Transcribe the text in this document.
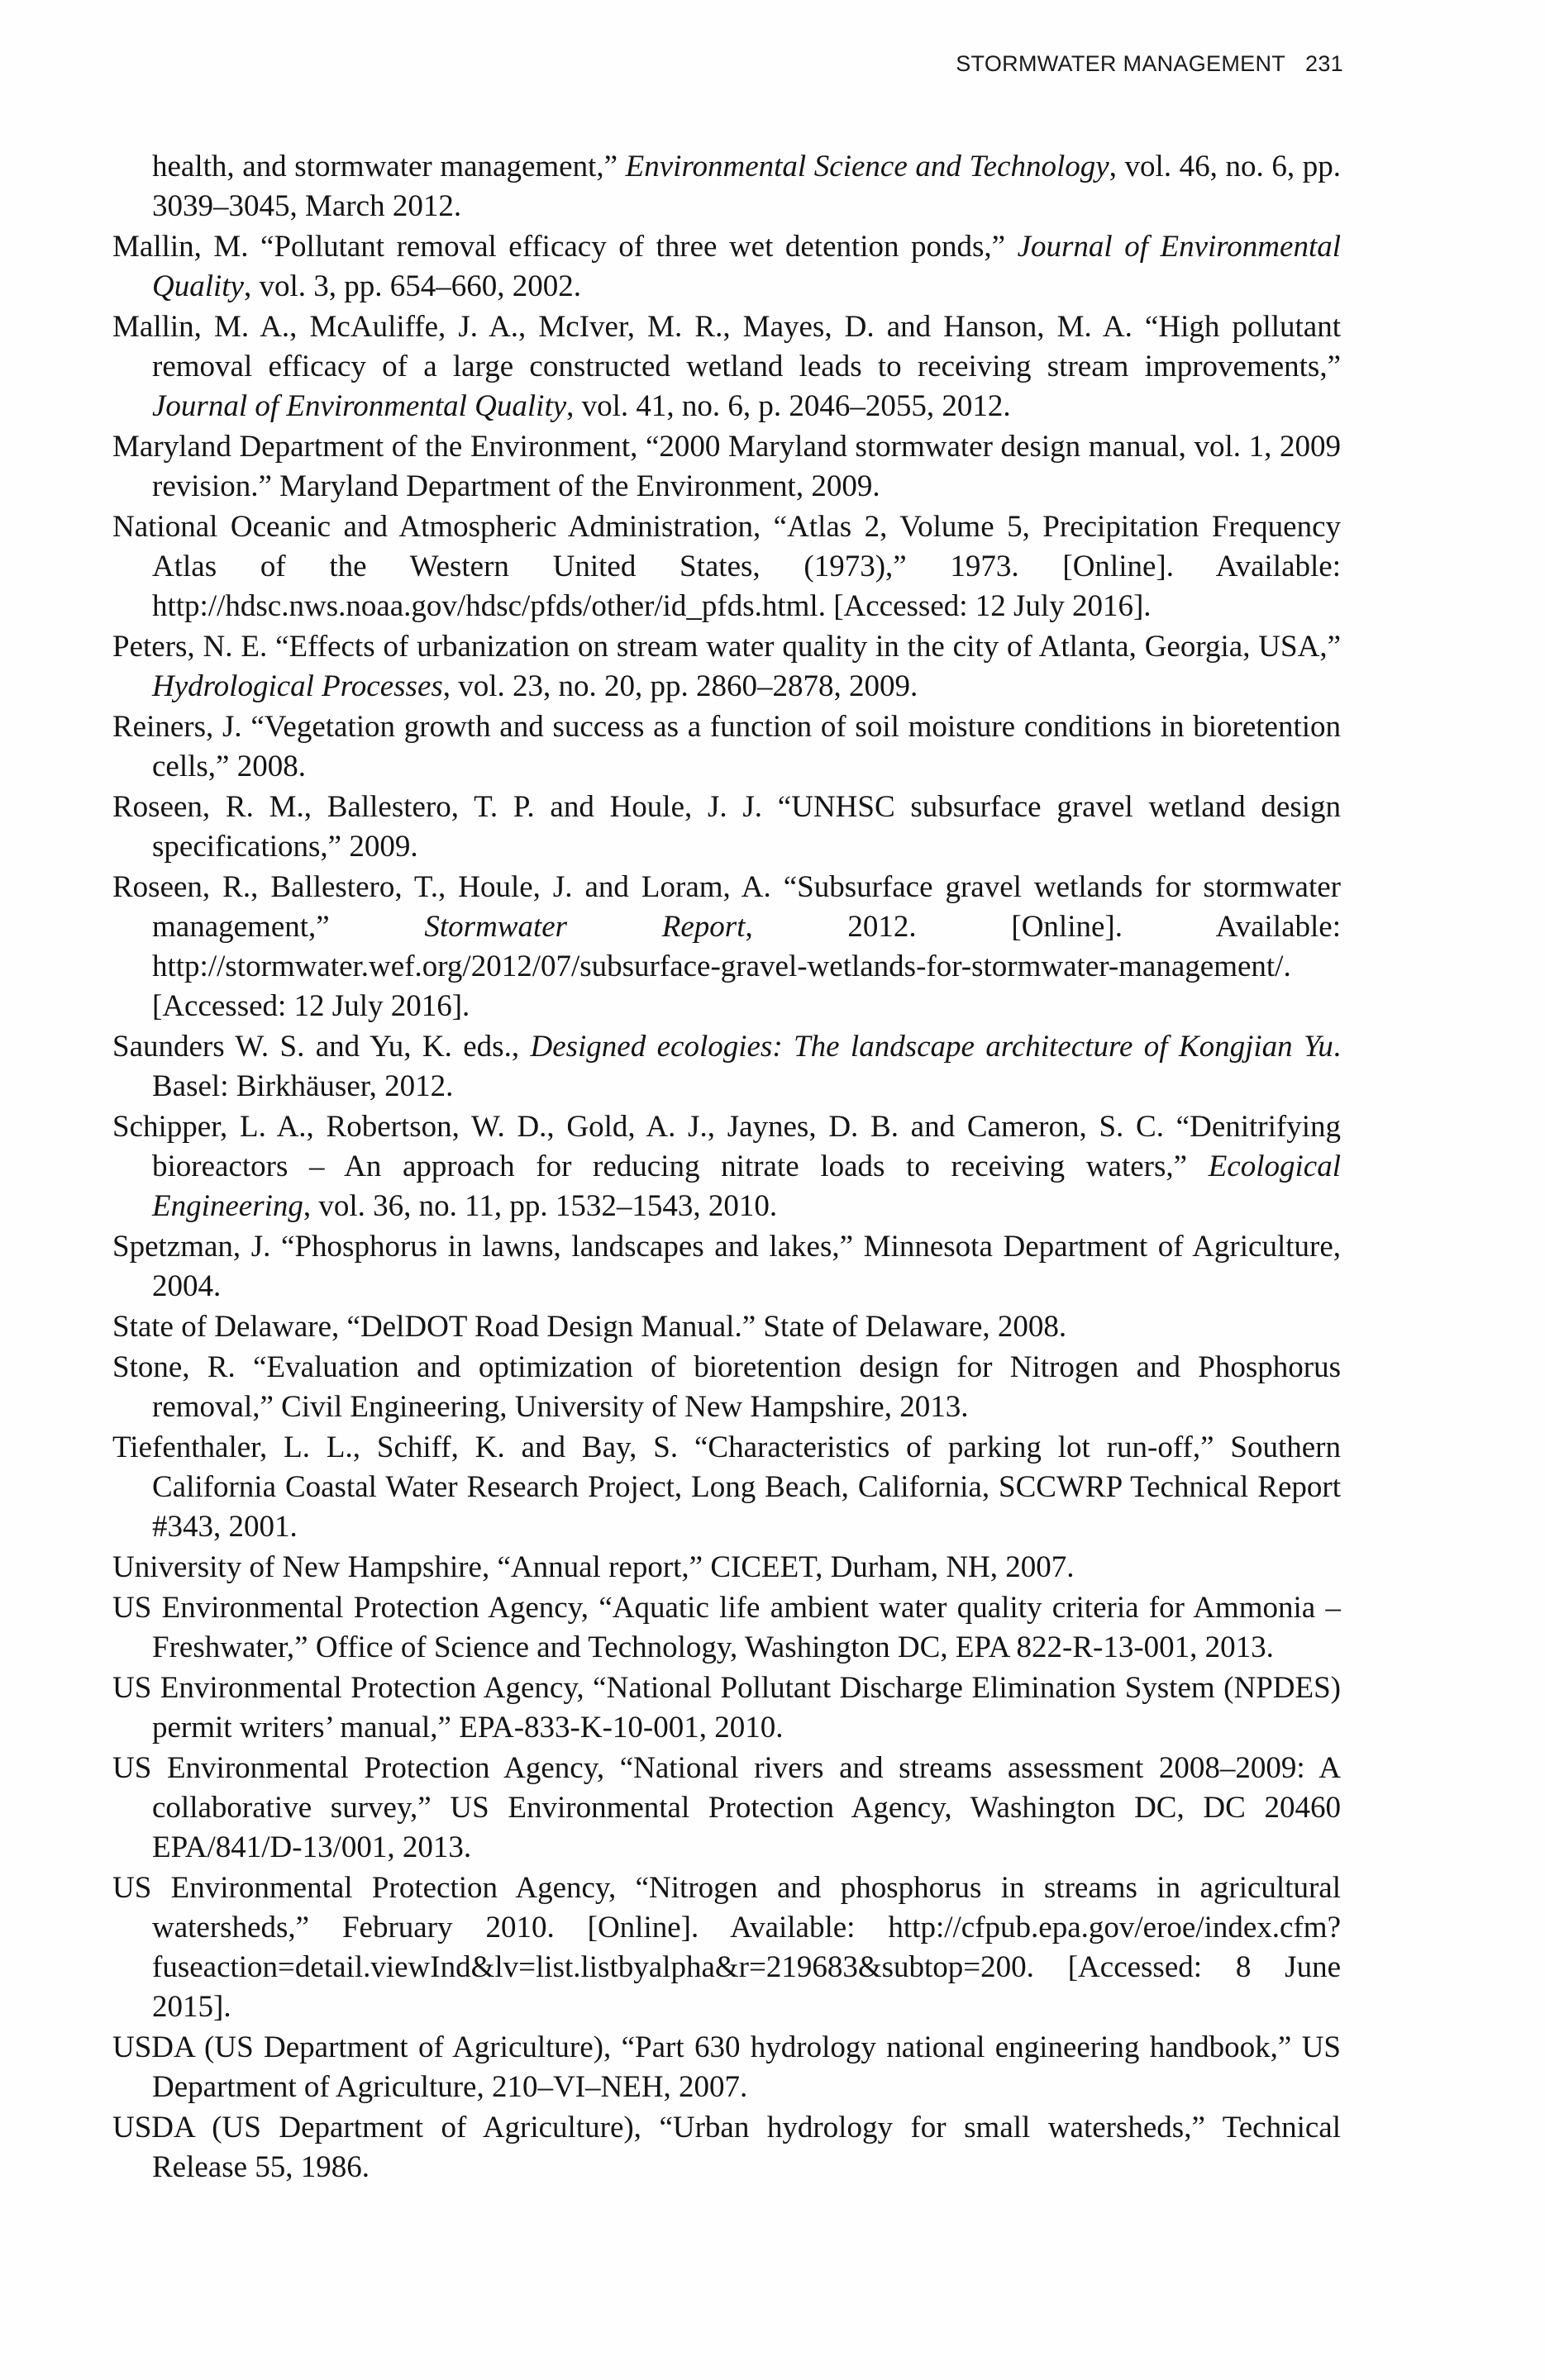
STORMWATER MANAGEMENT 231
health, and stormwater management,” Environmental Science and Technology, vol. 46, no. 6, pp. 3039–3045, March 2012.
Mallin, M. “Pollutant removal efficacy of three wet detention ponds,” Journal of Environmental Quality, vol. 3, pp. 654–660, 2002.
Mallin, M. A., McAuliffe, J. A., McIver, M. R., Mayes, D. and Hanson, M. A. “High pollutant removal efficacy of a large constructed wetland leads to receiving stream improvements,” Journal of Environmental Quality, vol. 41, no. 6, p. 2046–2055, 2012.
Maryland Department of the Environment, “2000 Maryland stormwater design manual, vol. 1, 2009 revision.” Maryland Department of the Environment, 2009.
National Oceanic and Atmospheric Administration, “Atlas 2, Volume 5, Precipitation Frequency Atlas of the Western United States, (1973),” 1973. [Online]. Available: http://hdsc.nws.noaa.gov/hdsc/pfds/other/id_pfds.html. [Accessed: 12 July 2016].
Peters, N. E. “Effects of urbanization on stream water quality in the city of Atlanta, Georgia, USA,” Hydrological Processes, vol. 23, no. 20, pp. 2860–2878, 2009.
Reiners, J. “Vegetation growth and success as a function of soil moisture conditions in bioretention cells,” 2008.
Roseen, R. M., Ballestero, T. P. and Houle, J. J. “UNHSC subsurface gravel wetland design specifications,” 2009.
Roseen, R., Ballestero, T., Houle, J. and Loram, A. “Subsurface gravel wetlands for stormwater management,” Stormwater Report, 2012. [Online]. Available: http://stormwater.wef.org/2012/07/subsurface-gravel-wetlands-for-stormwater-management/. [Accessed: 12 July 2016].
Saunders W. S. and Yu, K. eds., Designed ecologies: The landscape architecture of Kongjian Yu. Basel: Birkhäuser, 2012.
Schipper, L. A., Robertson, W. D., Gold, A. J., Jaynes, D. B. and Cameron, S. C. “Denitrifying bioreactors – An approach for reducing nitrate loads to receiving waters,” Ecological Engineering, vol. 36, no. 11, pp. 1532–1543, 2010.
Spetzman, J. “Phosphorus in lawns, landscapes and lakes,” Minnesota Department of Agriculture, 2004.
State of Delaware, “DelDOT Road Design Manual.” State of Delaware, 2008.
Stone, R. “Evaluation and optimization of bioretention design for Nitrogen and Phosphorus removal,” Civil Engineering, University of New Hampshire, 2013.
Tiefenthaler, L. L., Schiff, K. and Bay, S. “Characteristics of parking lot run-off,” Southern California Coastal Water Research Project, Long Beach, California, SCCWRP Technical Report #343, 2001.
University of New Hampshire, “Annual report,” CICEET, Durham, NH, 2007.
US Environmental Protection Agency, “Aquatic life ambient water quality criteria for Ammonia – Freshwater,” Office of Science and Technology, Washington DC, EPA 822-R-13-001, 2013.
US Environmental Protection Agency, “National Pollutant Discharge Elimination System (NPDES) permit writers’ manual,” EPA-833-K-10-001, 2010.
US Environmental Protection Agency, “National rivers and streams assessment 2008–2009: A collaborative survey,” US Environmental Protection Agency, Washington DC, DC 20460 EPA/841/D-13/001, 2013.
US Environmental Protection Agency, “Nitrogen and phosphorus in streams in agricultural watersheds,” February 2010. [Online]. Available: http://cfpub.epa.gov/eroe/index.cfm?fuseaction=detail.viewInd&lv=list.listbyalpha&r=219683&subtop=200. [Accessed: 8 June 2015].
USDA (US Department of Agriculture), “Part 630 hydrology national engineering handbook,” US Department of Agriculture, 210–VI–NEH, 2007.
USDA (US Department of Agriculture), “Urban hydrology for small watersheds,” Technical Release 55, 1986.
